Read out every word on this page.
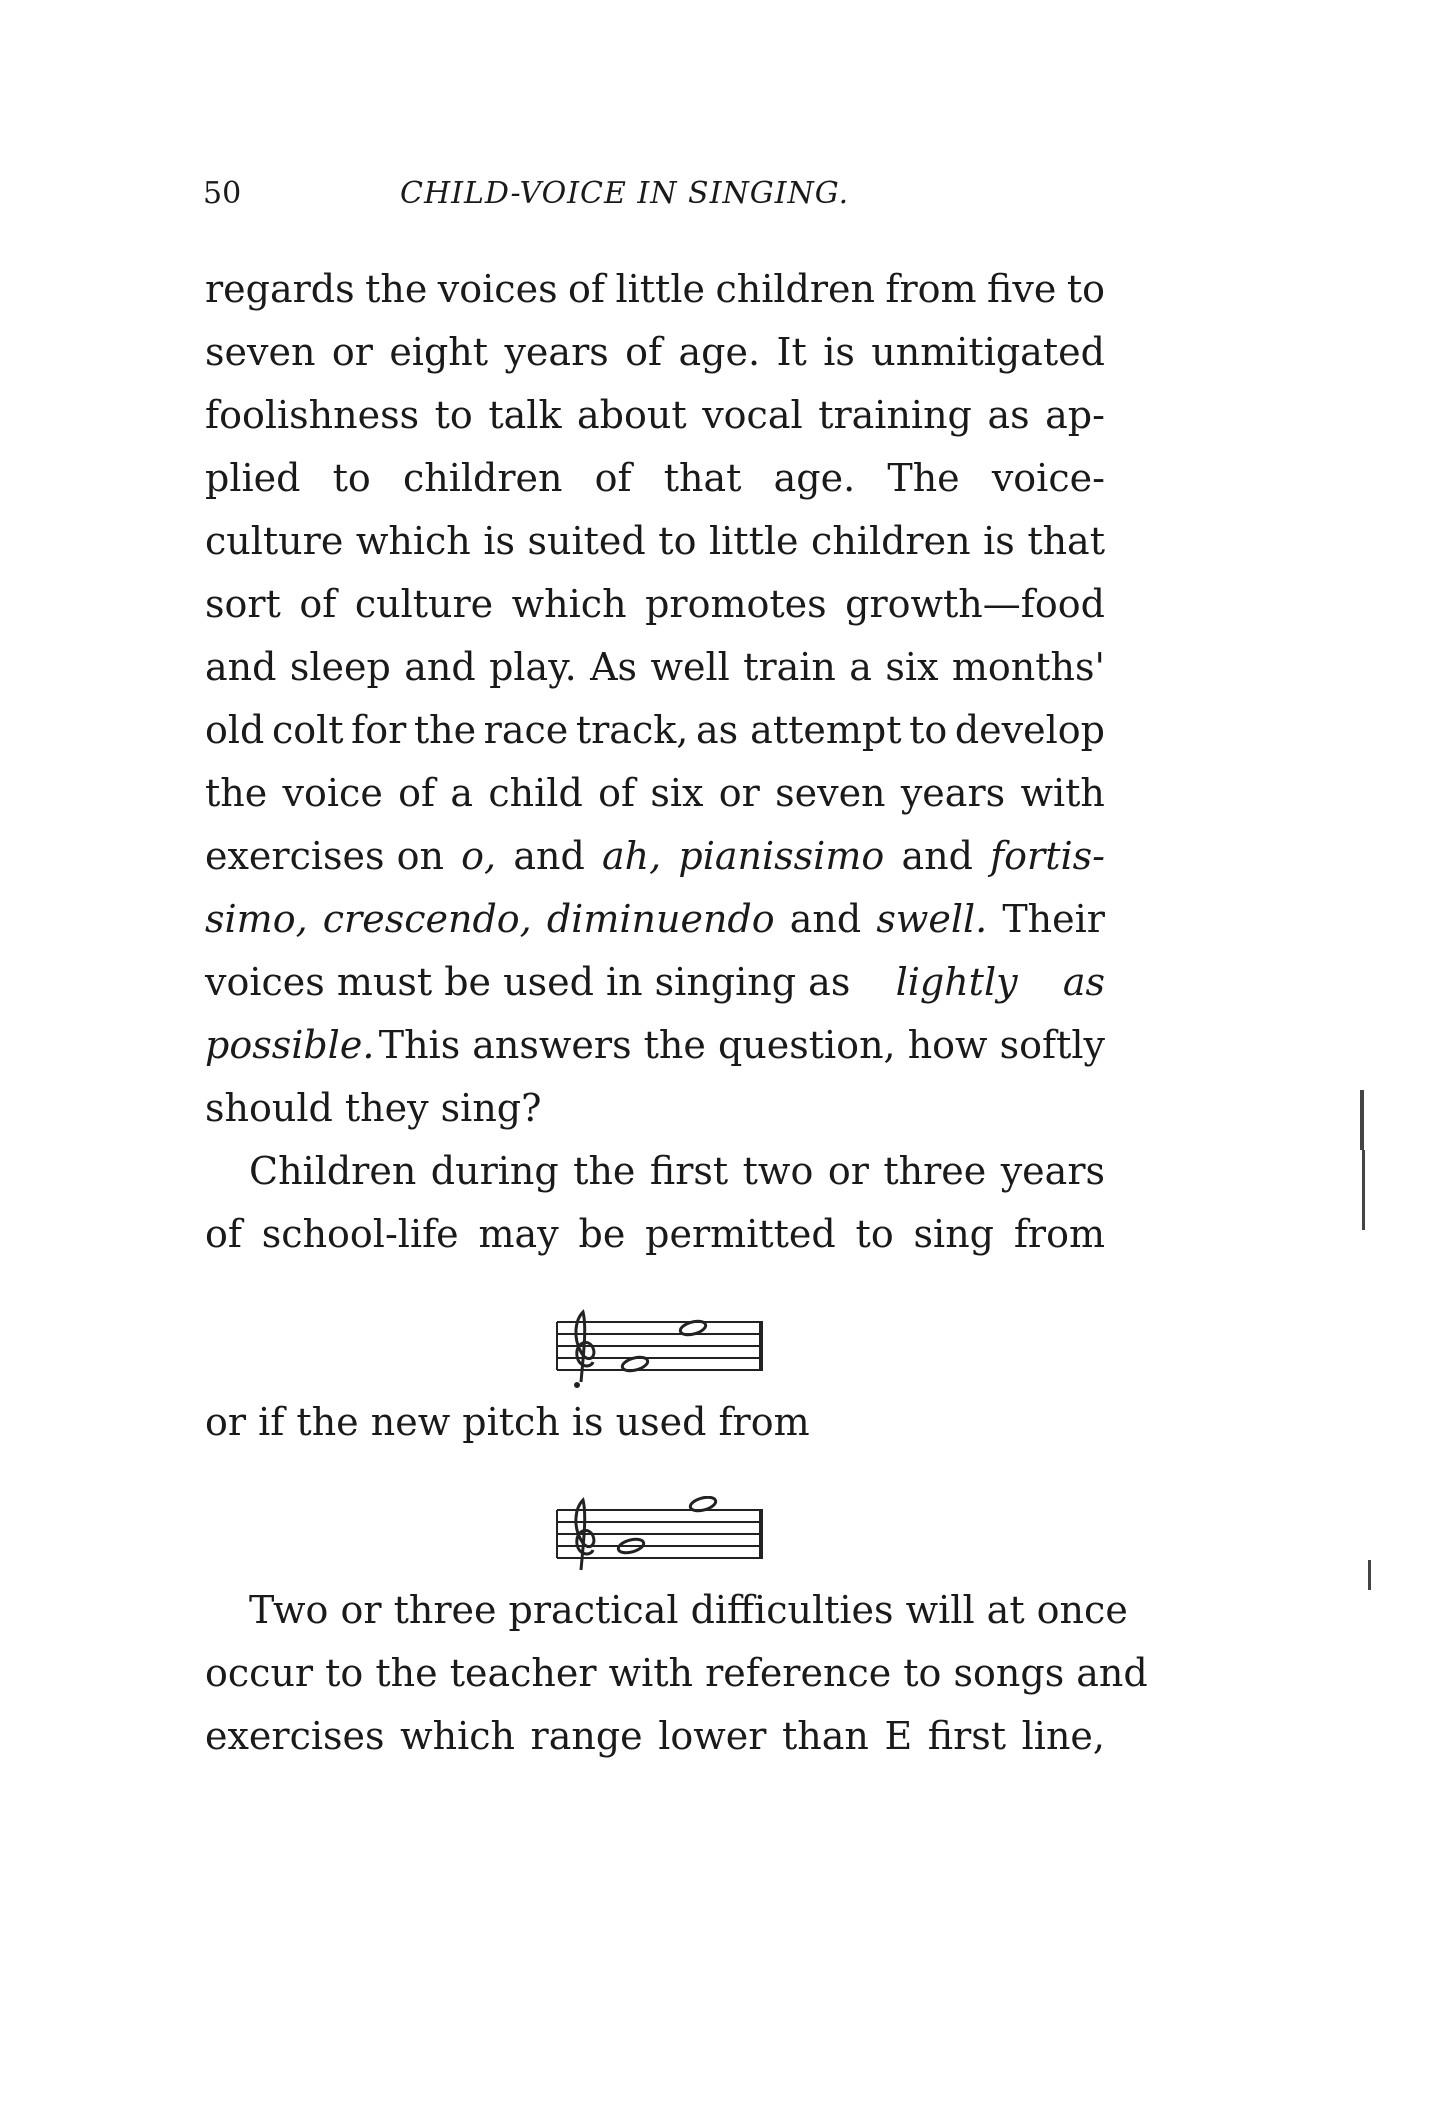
50	CHILD-VOICE IN SINGING.
regards the voices of little children from five to
seven or eight years of age. It is unmitigated
foolishness to talk about vocal training as ap-
plied to children of that age. The voice-
culture which is suited to little children is that
sort of culture which promotes growth—food
and sleep and play. As well train a six months'
old colt for the race track, as attempt to develop
the voice of a child of six or seven years with
exercises on o, and ah, pianissimo and fortis-
simo, crescendo, diminuendo and swell. Their
voices must be used in singing as lightly as
possible. This answers the question, how softly
should they sing?
Children during the first two or three years
of school-life may be permitted to sing from
or if the new pitch is used from
Two or three practical difficulties will at once
occur to the teacher with reference to songs and
exercises which range lower than E first line,
